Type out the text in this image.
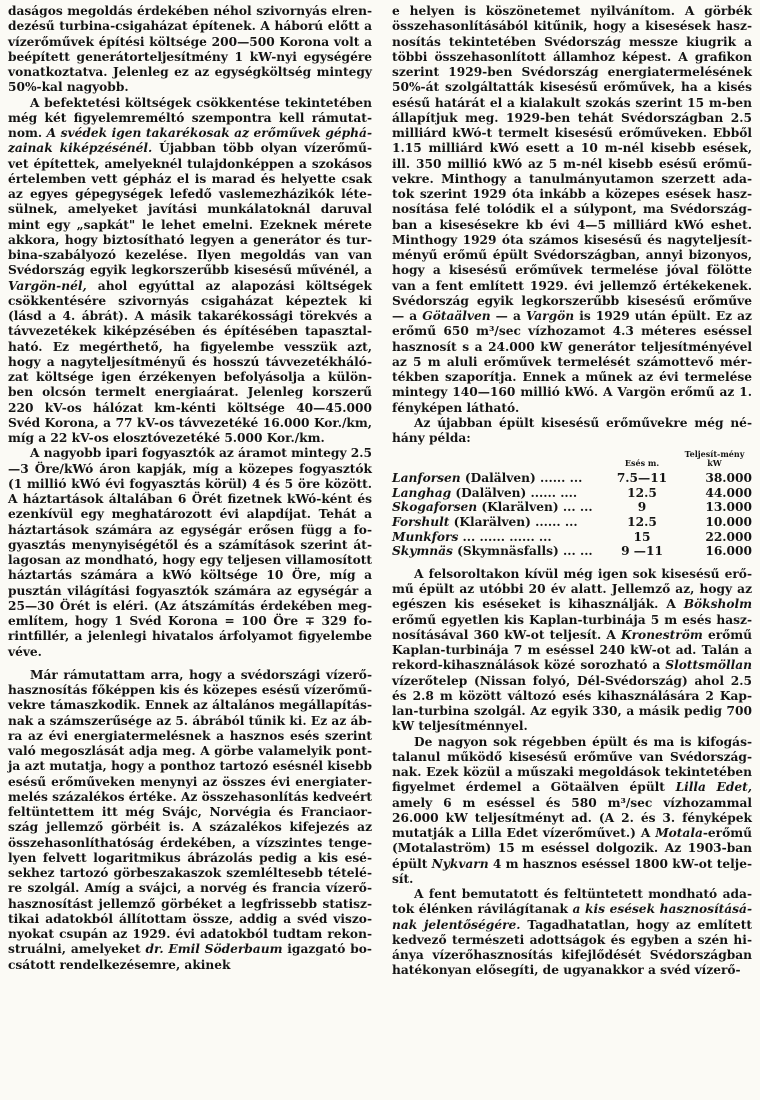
daságos megoldás érdekében néhol szivornyás elrendezésű turbina-csigaházat építenek. A háború előtt a vízerőművek építési költsége 200—500 Korona volt a beépített generátorteljesítmény 1 kW-nyi egységére vonatkoztatva. Jelenleg ez az egységköltség mintegy 50%-kal nagyobb.

A befektetési költségek csökkentése tekintetében még két figyelemreméltó szempontra kell rámutatnom. A svédek igen takarékosak az erőművek gépházainak kiképzésénél. Újabban több olyan vízerőművet építettek, amelyeknél tulajdonképpen a szokásos értelemben vett gépház el is marad és helyette csak az egyes gépegységek lefedő vaslemezházikók létesülnek, amelyeket javítási munkálatoknál daruval mint egy „sapkát" le lehet emelni. Ezeknek mérete akkora, hogy biztosítható legyen a generátor és turbina-szabályozó kezelése. Ilyen megoldás van van Svédország egyik legkorszerűbb kisesésű művénél, a Vargön-nél, ahol egyúttal az alapozási költségek csökkentésére szivornyás csigaházat képeztek ki (lásd a 4. ábrát). A másik takarékossági törekvés a távvezetékek kiképzésében és építésében tapasztalható. Ez megérthető, ha figyelembe vesszük azt, hogy a nagyteljesítményű és hosszú távvezetékhálózat költsége igen érzékenyen befolyásolja a különben olcsón termelt energiaárat. Jelenleg korszerű 220 kV-os hálózat km-kénti költsége 40—45.000 Svéd Korona, a 77 kV-os távvezetéké 16.000 Kor./km, míg a 22 kV-os elosztóvezetéké 5.000 Kor./km.

A nagyobb ipari fogyasztók az áramot mintegy 2.5—3 Öre/kWó áron kapják, míg a közepes fogyasztók (1 millió kWó évi fogyasztás körül) 4 és 5 öre között. A háztartások általában 6 Örét fizetnek kWó-ként és ezenkívül egy meghatározott évi alapdíjat. Tehát a háztartások számára az egységár erősen függ a fogyasztás menynyiségétől és a számítások szerint átlagosan az mondható, hogy egy teljesen villamosított háztartás számára a kWó költsége 10 Öre, míg a pusztán világítási fogyasztók számára az egységár a 25—30 Örét is eléri. (Az átszámítás érdekében megemlítem, hogy 1 Svéd Korona = 100 Öre ∓ 329 forintfillér, a jelenlegi hivatalos árfolyamot figyelembe véve.

Már rámutattam arra, hogy a svédországi vízerőhasznosítás főképpen kis és közepes esésű vízerőművekre támaszkodik. Ennek az általános megállapításnak a számszerűsége az 5. ábrából tűnik ki. Ez az ábra az évi energiatermelésnek a hasznos esés szerint való megoszlását adja meg. A görbe valamelyik pontja azt mutatja, hogy a ponthoz tartozó esésnél kisebb esésű erőműveken menynyi az összes évi energiatermelés százalékos értéke. Az összehasonlítás kedveért feltüntettem itt még Svájc, Norvégia és Franciaország jellemző görbéit is. A százalékos kifejezés az összehasonlíthatóság érdekében, a vízszintes tengelyen felvett logaritmikus ábrázolás pedig a kis esésekhez tartozó görbeszakaszok szemléltesebb tételére szolgál. Amíg a svájci, a norvég és francia vízerőhasznosítást jellemző görbéket a legfrissebb statisztikai adatokból állítottam össze, addig a svéd viszonyokat csupán az 1929. évi adatokból tudtam rekonstruálni, amelyeket dr. Emil Söderbaum igazgató bocsátott rendelkezésemre, akinek

e helyen is köszönetemet nyilvánítom. A görbék összehasonlításából kitűnik, hogy a kisesések hasznosítás tekintetében Svédország messze kiugrik a többi összehasonlított államhoz képest. A grafikon szerint 1929-ben Svédország energiatermelésének 50%-át szolgáltatták kisesésű erőművek, ha a kisés esésű határát el a kialakult szokás szerint 15 m-ben állapítjuk meg. 1929-ben tehát Svédországban 2.5 milliárd kWó-t termelt kisesésű erőműveken. Ebből 1.15 milliárd kWó esett a 10 m-nél kisebb esések, ill. 350 millió kWó az 5 m-nél kisebb esésű erőművekre. Minthogy a tanulmányutamon szerzett adatok szerint 1929 óta inkább a közepes esések hasznosítása felé tolódik el a súlypont, ma Svédországban a kisesésekre kb évi 4—5 milliárd kWó eshet. Minthogy 1929 óta számos kisesésű és nagyteljesítményű erőmű épült Svédországban, annyi bizonyos, hogy a kisesésű erőművek termelése jóval fölötte van a fent említett 1929. évi jellemző értékekenek. Svédország egyik legkorszerűbb kisesésű erőműve — a Götaälven — a Vargön is 1929 után épült. Ez az erőmű 650 m³/sec vízhozamot 4.3 méteres eséssel hasznosít s a 24.000 kW generátor teljesítményével az 5 m aluli erőművek termelését számottevő mértékben szaporítja. Ennek a műnek az évi termelése mintegy 140—160 millió kWó. A Vargön erőmű az 1. fényképen látható.

Az újabban épült kisesésű erőművekre még néhány példa:

	Esés m.	Teljesít-mény kW
Lanforsen (Dalälven) ...... ...	7.5—11	38.000
Langhag (Dalälven) ...... ....	12.5	44.000
Skogaforsen (Klarälven) ... ...	9	13.000
Forshult (Klarälven) ...... ...	12.5	10.000
Munkfors ... ...... ...... ...	15	22.000
Skymnäs (Skymnäsfalls) ... ...	9 —11	16.000

A felsoroltakon kívül még igen sok kisesésű erőmű épült az utóbbi 20 év alatt. Jellemző az, hogy az egészen kis eséseket is kihasználják. A Böksholm erőmű egyetlen kis Kaplan-turbinája 5 m esés hasznosításával 360 kW-ot teljesít. A Kroneström erőmű Kaplan-turbinája 7 m eséssel 240 kW-ot ad. Talán a rekord-kihasználások közé sorozható a Slottsmöllan vízerőtelep (Nissan folyó, Dél-Svédország) ahol 2.5 és 2.8 m között változó esés kihasználására 2 Kaplan-turbina szolgál. Az egyik 330, a másik pedig 700 kW teljesítménnyel.

De nagyon sok régebben épült és ma is kifogástalanul működő kisesésű erőműve van Svédországnak. Ezek közül a műszaki megoldások tekintetében figyelmet érdemel a Götaälven épült Lilla Edet, amely 6 m eséssel és 580 m³/sec vízhozammal 26.000 kW teljesítményt ad. (A 2. és 3. fényképek mutatják a Lilla Edet vízerőművet.) A Motala-erőmű (Motalaström) 15 m eséssel dolgozik. Az 1903-ban épült Nykvarn 4 m hasznos eséssel 1800 kW-ot teljesít.

A fent bemutatott és feltüntetett mondható adatok élénken rávilágítanak a kis esések hasznosításának jelentőségére. Tagadhatatlan, hogy az említett kedvező természeti adottságok és egyben a szén hiánya vízerőhasznosítás kifejlődését Svédországban hatékonyan elősegíti, de ugyanakkor a svéd vízerő-
